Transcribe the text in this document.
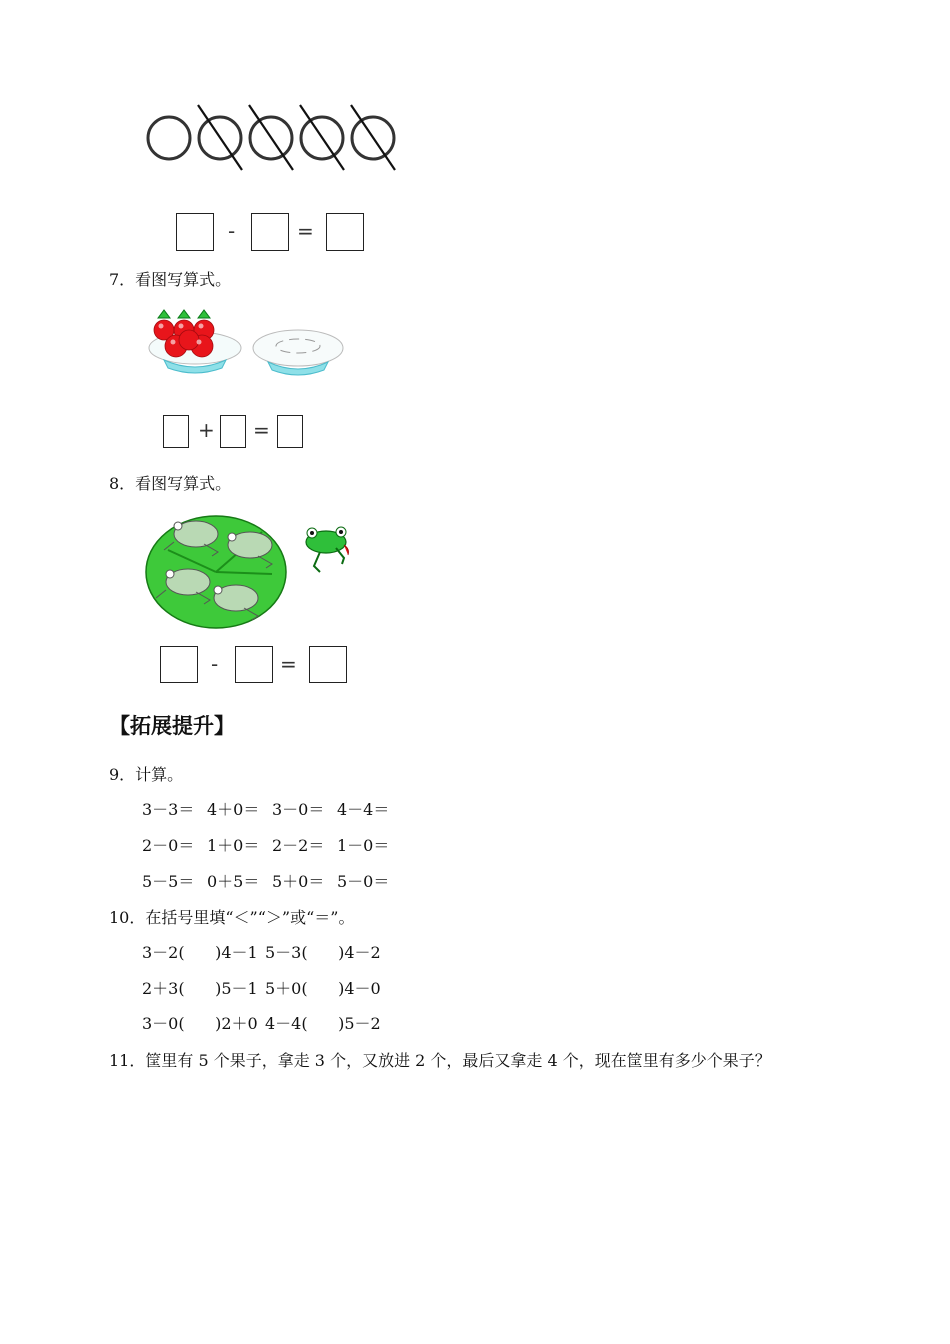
-	=
7．看图写算式。
+ =
8．看图写算式。
-	=
【拓展提升】
9．计算。
3－3＝ 4＋0＝ 3－0＝ 4－4＝
2－0＝ 1＋0＝ 2－2＝ 1－0＝
5－5＝ 0＋5＝ 5＋0＝ 5－0＝
10．在括号里填“＜”“＞”或“＝”。
3－2(      )4－1 5－3(      )4－2
2＋3(      )5－1 5＋0(      )4－0
3－0(      )2＋0 4－4(      )5－2
11．筐里有 5 个果子，拿走 3 个，又放进 2 个，最后又拿走 4 个，现在筐里有多少个果子？
